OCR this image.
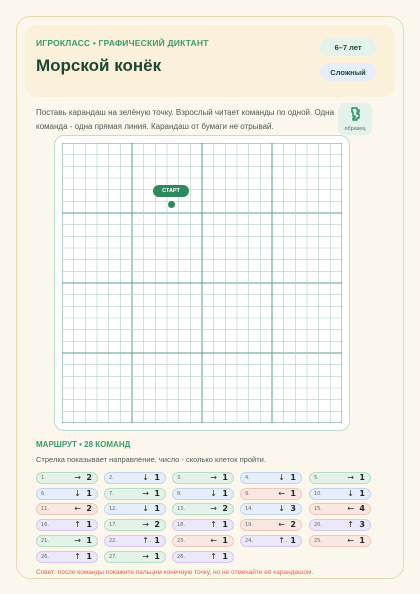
ИГРОКЛАСС • ГРАФИЧЕСКИЙ ДИКТАНТ
Морской конёк
6–7 лет
Сложный
Поставь карандаш на зелёную точку. Взрослый читает команды по одной. Одна команда - одна прямая линия. Карандаш от бумаги не отрывай.	образец
СТАРТ
МАРШРУТ • 28 КОМАНД
Стрелка показывает направление, число - сколько клеток пройти.
1.	→ 2	2.	↓ 1	3.	→ 1	4.	↓ 1	5.	→ 1
6.	↓ 1	7.	→ 1	8.	↓ 1	9.	← 1	10.	↓ 1
11.	← 2	12.	↓ 1	13.	→ 2	14.	↓ 3	15.	← 4
16.	↑ 1	17.	→ 2	18.	↑ 1	19.	← 2	20.	↑ 3
21.	→ 1	22.	↑ 1	23.	← 1	24.	↑ 1	25.	← 1
26.	↑ 1	27.	→ 1	28.	↑ 1
Совет: после команды покажите пальцем конечную точку, но не отмечайте её карандашом.
